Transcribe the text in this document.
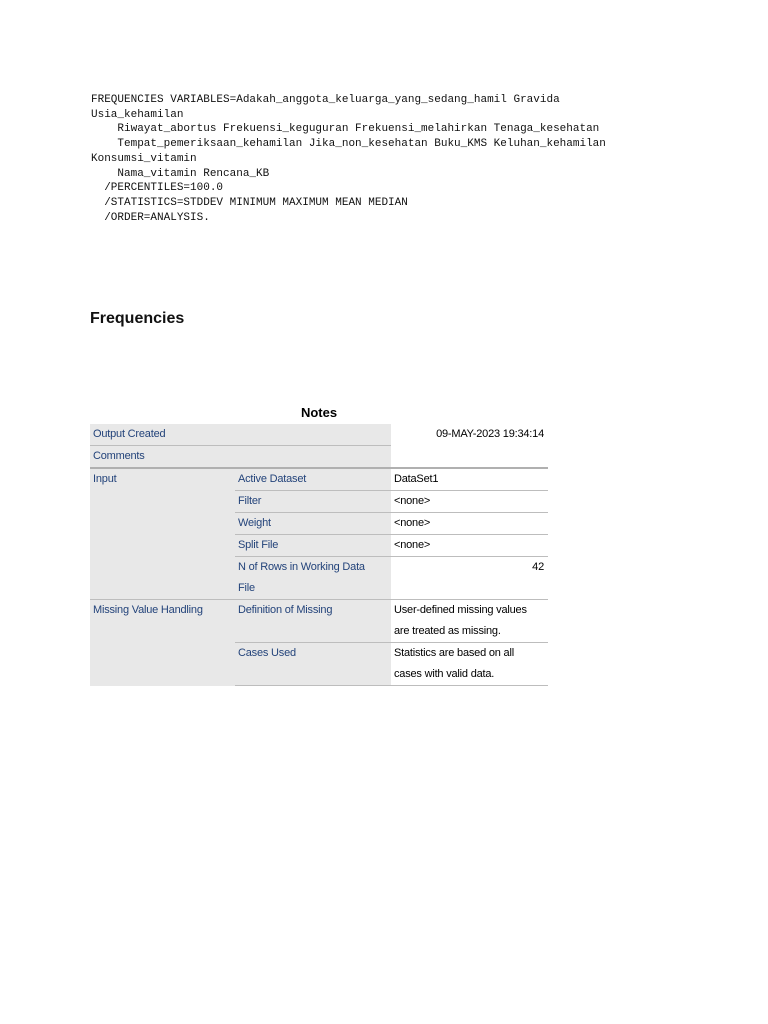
FREQUENCIES VARIABLES=Adakah_anggota_keluarga_yang_sedang_hamil Gravida
Usia_kehamilan
Riwayat_abortus Frekuensi_keguguran Frekuensi_melahirkan Tenaga_kesehatan
Tempat_pemeriksaan_kehamilan Jika_non_kesehatan Buku_KMS Keluhan_kehamilan
Konsumsi_vitamin
Nama_vitamin Rencana_KB
/PERCENTILES=100.0
/STATISTICS=STDDEV MINIMUM MAXIMUM MEAN MEDIAN
/ORDER=ANALYSIS.
Frequencies
Notes
Output Created		09-MAY-2023 19:34:14
Comments		
Input	Active Dataset	DataSet1
	Filter	<none>
	Weight	<none>
	Split File	<none>
	N of Rows in Working Data
File	42
Missing Value Handling	Definition of Missing	User-defined missing values
are treated as missing.
	Cases Used	Statistics are based on all
cases with valid data.
